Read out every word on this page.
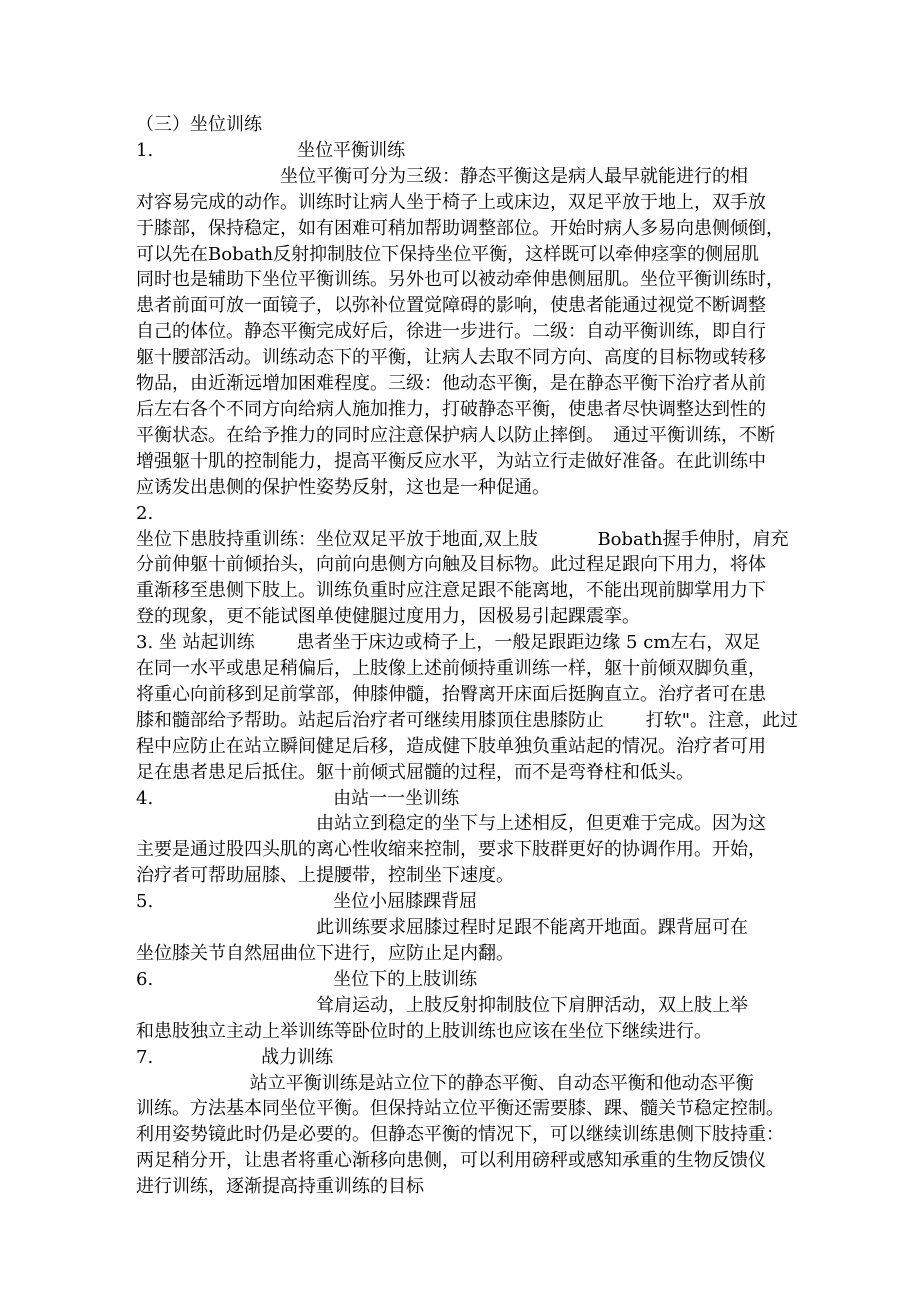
（三）坐位训练
1.　　　　　　　　坐位平衡训练
　　　　　　　　坐位平衡可分为三级：静态平衡这是病人最早就能进行的相
对容易完成的动作。训练时让病人坐于椅子上或床边，双足平放于地上，双手放
于膝部，保持稳定，如有困难可稍加帮助调整部位。开始时病人多易向患侧倾倒，
可以先在Bobath反射抑制肢位下保持坐位平衡，这样既可以牵伸痉挛的侧屈肌
同时也是辅助下坐位平衡训练。另外也可以被动牵伸患侧屈肌。坐位平衡训练时，
患者前面可放一面镜子，以弥补位置觉障碍的影响，使患者能通过视觉不断调整
自己的体位。静态平衡完成好后，徐进一步进行。二级：自动平衡训练，即自行
躯十腰部活动。训练动态下的平衡，让病人去取不同方向、高度的目标物或转移
物品，由近渐远增加困难程度。三级：他动态平衡，是在静态平衡下治疗者从前
后左右各个不同方向给病人施加推力，打破静态平衡，使患者尽快调整达到性的
平衡状态。在给予推力的同时应注意保护病人以防止摔倒。　通过平衡训练，不断
增强躯十肌的控制能力，提高平衡反应水平，为站立行走做好准备。在此训练中
应诱发出患侧的保护性姿势反射，这也是一种促通。
2.
坐位下患肢持重训练：坐位双足平放于地面,双上肢　　　 Bobath握手伸肘，肩充
分前伸躯十前倾抬头，向前向患侧方向触及目标物。此过程足跟向下用力，将体
重渐移至患侧下肢上。训练负重时应注意足跟不能离地，不能出现前脚掌用力下
登的现象，更不能试图单使健腿过度用力，因极易引起踝震挛。
3. 坐 站起训练　　 患者坐于床边或椅子上，一般足跟距边缘 5 cm左右，双足
在同一水平或患足稍偏后，上肢像上述前倾持重训练一样，躯十前倾双脚负重，
将重心向前移到足前掌部，伸膝伸髓，抬臀离开床面后挺胸直立。治疗者可在患
膝和髓部给予帮助。站起后治疗者可继续用膝顶住患膝防止　　 打软"。注意，此过
程中应防止在站立瞬间健足后移，造成健下肢单独负重站起的情况。治疗者可用
足在患者患足后抵住。躯十前倾式屈髓的过程，而不是弯脊柱和低头。
4.　　　　　　　　　　由站一一坐训练
　　　　　　　　　　由站立到稳定的坐下与上述相反，但更难于完成。因为这
主要是通过股四头肌的离心性收缩来控制，要求下肢群更好的协调作用。开始，
治疗者可帮助屈膝、上提腰带，控制坐下速度。
5.　　　　　　　　　　坐位小屈膝踝背屈
　　　　　　　　　　此训练要求屈膝过程时足跟不能离开地面。踝背屈可在
坐位膝关节自然屈曲位下进行，应防止足内翻。
6.　　　　　　　　　　坐位下的上肢训练
　　　　　　　　　　耸肩运动，上肢反射抑制肢位下肩胛活动，双上肢上举
和患肢独立主动上举训练等卧位时的上肢训练也应该在坐位下继续进行。
7.　　　　　　战力训练
　　　　　　 站立平衡训练是站立位下的静态平衡、自动态平衡和他动态平衡
训练。方法基本同坐位平衡。但保持站立位平衡还需要膝、踝、髓关节稳定控制。
利用姿势镜此时仍是必要的。但静态平衡的情况下，可以继续训练患侧下肢持重：
两足稍分开，让患者将重心渐移向患侧，可以利用磅秤或感知承重的生物反馈仪
进行训练，逐渐提高持重训练的目标
